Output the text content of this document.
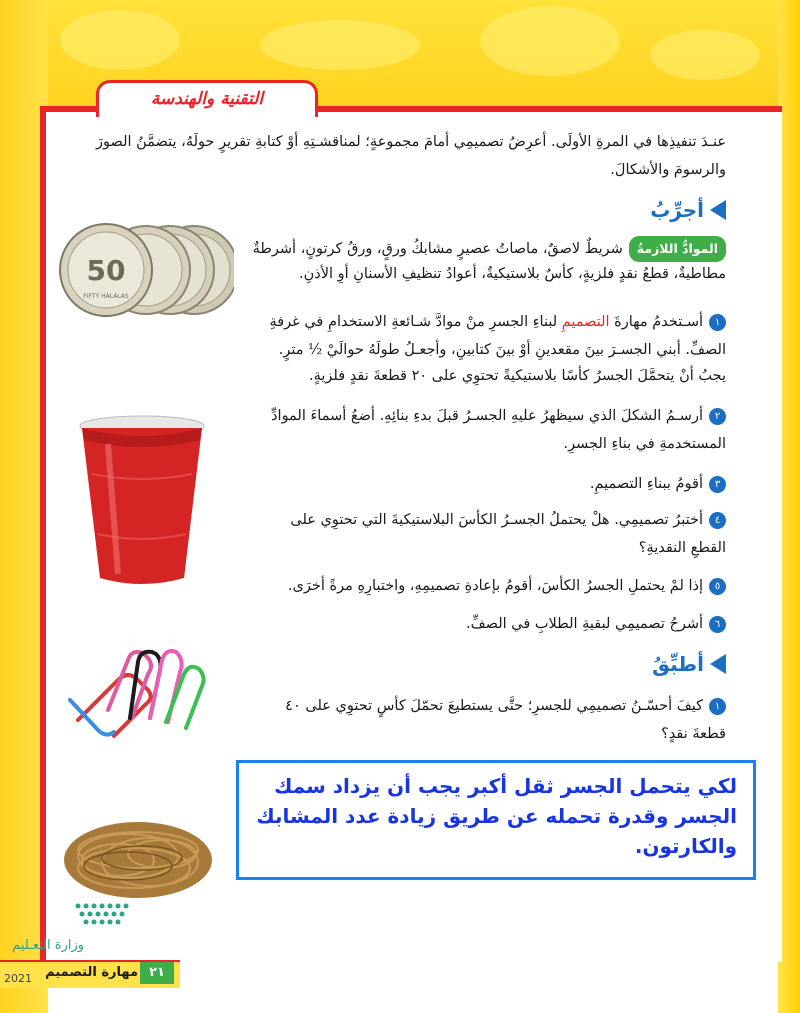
التقنية والهندسة
عنـدَ تنفيذِها في المرةِ الأولَى. أعرِضُ تصميمِي أمامَ مجموعةٍ؛ لمناقشـتِهِ أوْ كتابةِ تقريرٍ حولَهُ، يتضمَّنُ الصورَ
والرسومَ والأشكالَ.
أجرِّبُ
الموادُّ اللازمةُشريطٌ لاصقٌ، ماصاتُ عصيرٍ مشابكُ ورقٍ، ورقُ كرتونٍ، أشرطةٌ
مطاطيةٌ، قطعُ نقدٍ فلزيةٍ، كأسٌ بلاستيكيةٌ، أعوادُ تنظيفِ الأسنانِ أوِ الأذنِ.
١أسـتخدمُ مهارةَ التصميمِ لبناءِ الجسرِ منْ موادَّ شـائعةِ الاستخدامِ في غرفةِ
الصفِّ. أبني الجسـرَ بينَ مقعدينِ أوْ بينَ كتابينِ، وأجعـلُ طولَهُ حوالَيْ ½ مترٍ.
يجبُ أنْ يتحمَّلَ الجسرُ كأسًا بلاستيكيةً تحتوِي على ٢٠ قطعةَ نقدٍ فلزيةٍ.
٢أرسـمُ الشكلَ الذي سيظهرُ عليهِ الجسـرُ قبلَ بدءِ بنائِهِ. أضعُ أسماءَ الموادِّ
المستخدمةِ في بناءِ الجسرِ.
٣أقومُ ببناءِ التصميمِ.
٤أختبرُ تصميمِي. هلْ يحتملُ الجسـرُ الكأسَ البلاستيكيةَ التي تحتوِي على
القطعِ النقديةِ؟
٥إذا لمْ يحتملِ الجسرُ الكأسَ، أقومُ بإعادةِ تصميمِهِ، واختبارِهِ مرةً أخرَى.
٦أشرحُ تصميمِي لبقيةِ الطلابِ في الصفِّ.
أطبِّقُ
١كيفَ أحسّـنُ تصميمِي للجسرِ؛ حتَّى يستطيعَ تحمّلَ كأسٍ تحتوِي على ٤٠
قطعةَ نقدٍ؟
لكي يتحمل الجسر ثقل أكبر يجب أن يزداد سمك
الجسر وقدرة تحمله عن طريق زيادة عدد المشابك
والكارتون.
50
FIFTY HALALAS
وزارة التعـليم
٢١
مهارة التصميم
2021
